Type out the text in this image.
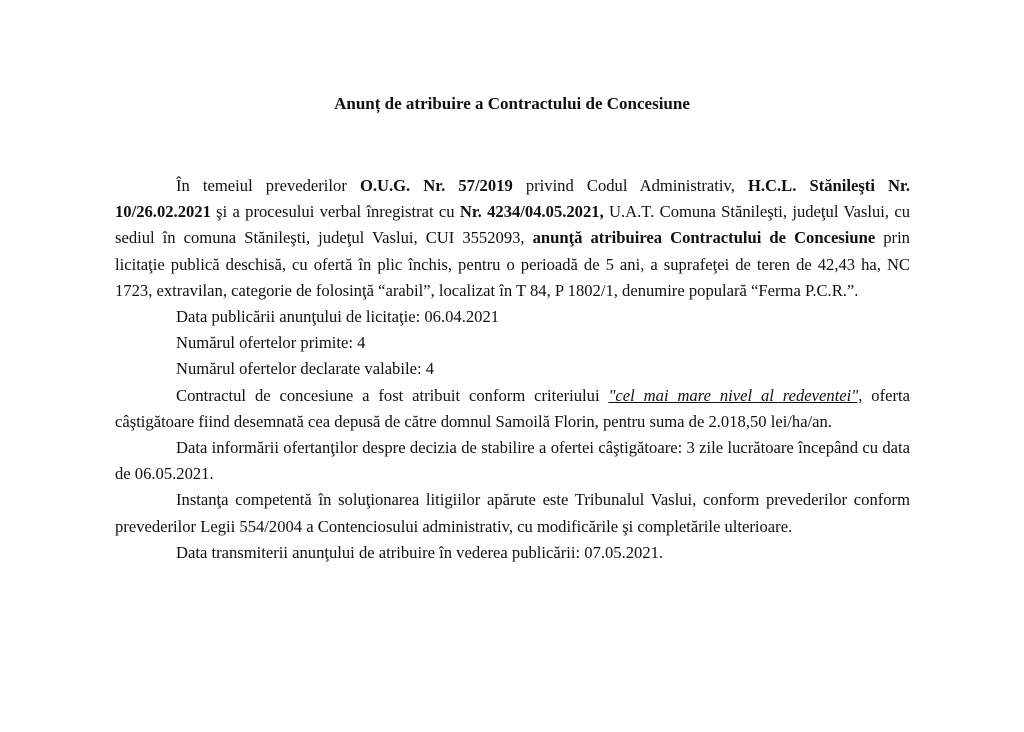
Anunț de atribuire a Contractului de Concesiune

În temeiul prevederilor O.U.G. Nr. 57/2019 privind Codul Administrativ, H.C.L. Stănileşti Nr. 10/26.02.2021 şi a procesului verbal înregistrat cu Nr. 4234/04.05.2021, U.A.T. Comuna Stănileşti, judeţul Vaslui, cu sediul în comuna Stănileşti, judeţul Vaslui, CUI 3552093, anunţă atribuirea Contractului de Concesiune prin licitaţie publică deschisă, cu ofertă în plic închis, pentru o perioadă de 5 ani, a suprafeţei de teren de 42,43 ha, NC 1723, extravilan, categorie de folosinţă “arabil”, localizat în T 84, P 1802/1, denumire populară “Ferma P.C.R.”.

Data publicării anunţului de licitaţie: 06.04.2021

Numărul ofertelor primite: 4

Numărul ofertelor declarate valabile: 4

Contractul de concesiune a fost atribuit conform criteriului "cel mai mare nivel al redeventei", oferta câştigătoare fiind desemnată cea depusă de către domnul Samoilă Florin, pentru suma de 2.018,50 lei/ha/an.

Data informării ofertanţilor despre decizia de stabilire a ofertei câştigătoare: 3 zile lucrătoare începând cu data de 06.05.2021.

Instanţa competentă în soluţionarea litigiilor apărute este Tribunalul Vaslui, conform prevederilor conform prevederilor Legii 554/2004 a Contenciosului administrativ, cu modificările şi completările ulterioare.

Data transmiterii anunţului de atribuire în vederea publicării: 07.05.2021.
